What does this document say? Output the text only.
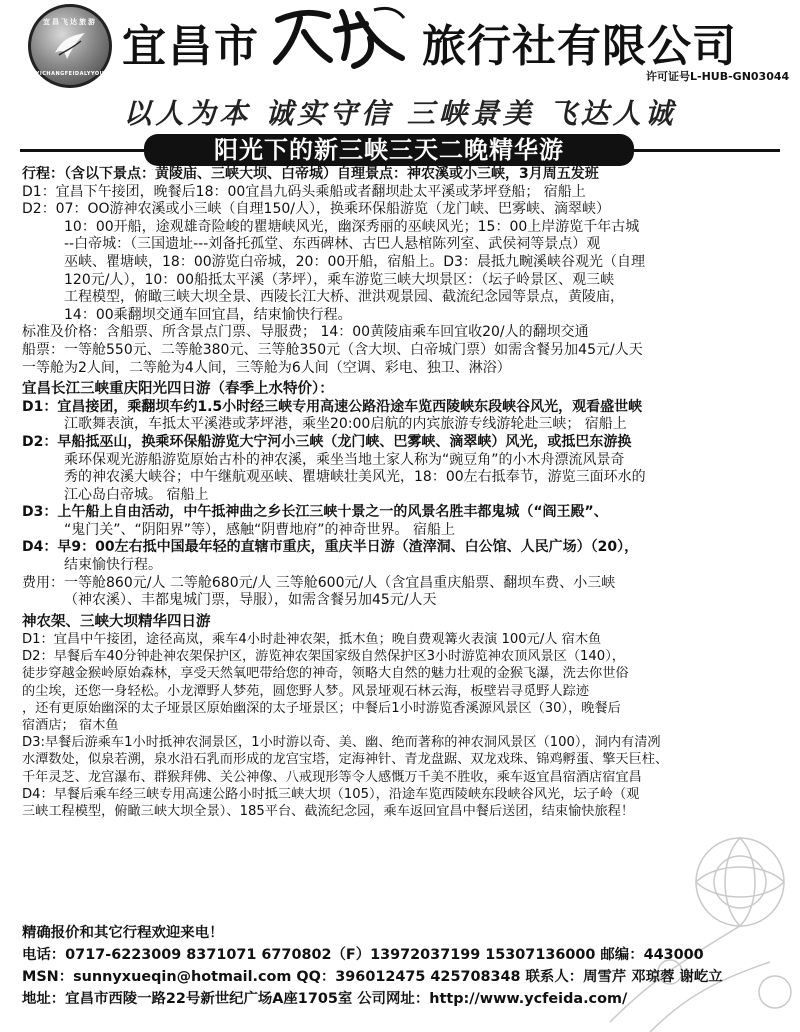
宜昌飞达旅游
YICHANGFEIDALYYOU
宜昌市	旅行社有限公司
许可证号L-HUB-GN03044
以人为本 诚实守信 三峡景美 飞达人诚
阳光下的新三峡三天二晚精华游

行程：（含以下景点：黄陵庙、三峡大坝、白帝城）自理景点：神农溪或小三峡，3月周五发班

D1：宜昌下午接团，晚餐后18：00宜昌九码头乘船或者翻坝赴太平溪或茅坪登船； 宿船上

D2：07：OO游神农溪或小三峡（自理150/人），换乘环保船游览（龙门峡、巴雾峡、滴翠峡）

10：00开船，途观雄奇险峻的瞿塘峡风光，幽深秀丽的巫峡风光；15：00上岸游览千年古城

--白帝城：（三国遗址---刘备托孤堂、东西碑林、古巴人悬棺陈列室、武侯祠等景点）观

巫峡、瞿塘峡，18：00游览白帝城，20：00开船，宿船上。D3：晨抵九畹溪峡谷观光（自理

120元/人），10：00船抵太平溪（茅坪），乘车游览三峡大坝景区：（坛子岭景区、观三峡

工程模型，俯瞰三峡大坝全景、西陵长江大桥、泄洪观景园、截流纪念园等景点，黄陵庙，

14：00乘翻坝交通车回宜昌，结束愉快行程。

标准及价格：含船票、所含景点门票、导服费； 14：00黄陵庙乘车回宜收20/人的翻坝交通

船票：一等舱550元、二等舱380元、三等舱350元（含大坝、白帝城门票）如需含餐另加45元/人天

一等舱为2人间，二等舱为4人间，三等舱为6人间（空调、彩电、独卫、淋浴）

宜昌长江三峡重庆阳光四日游（春季上水特价）：

D1：宜昌接团，乘翻坝车约1.5小时经三峡专用高速公路沿途车览西陵峡东段峡谷风光，观看盛世峡

江歌舞表演，车抵太平溪港或茅坪港，乘坐20:00启航的内宾旅游专线游轮赴三峡； 宿船上

D2：早船抵巫山，换乘环保船游览大宁河小三峡（龙门峡、巴雾峡、滴翠峡）风光，或抵巴东游换

乘环保观光游船游览原始古朴的神农溪，乘坐当地土家人称为“豌豆角”的小木舟漂流风景奇

秀的神农溪大峡谷；中午继航观巫峡、瞿塘峡壮美风光，18：00左右抵奉节，游览三面环水的

江心岛白帝城。 宿船上

D3：上午船上自由活动，中午抵神曲之乡长江三峡十景之一的风景名胜丰都鬼城（“阎王殿”、

“鬼门关”、“阴阳界”等），感触“阴曹地府”的神奇世界。 宿船上

D4：早9：00左右抵中国最年轻的直辖市重庆，重庆半日游（渣滓洞、白公馆、人民广场）（20），

结束愉快行程。

费用：一等舱860元/人 二等舱680元/人 三等舱600元/人（含宜昌重庆船票、翻坝车费、小三峡

（神农溪）、丰都鬼城门票，导服），如需含餐另加45元/人天

神农架、三峡大坝精华四日游

D1：宜昌中午接团，途径高岚，乘车4小时赴神农架，抵木鱼；晚自费观篝火表演 100元/人 宿木鱼

D2：早餐后车40分钟赴神农架保护区，游览神农架国家级自然保护区3小时游览神农顶风景区（140），

徒步穿越金猴岭原始森林，享受天然氧吧带给您的神奇，领略大自然的魅力壮观的金猴飞瀑，洗去你世俗

的尘埃，还您一身轻松。小龙潭野人梦苑，圆您野人梦。风景垭观石林云海，板壁岩寻觅野人踪迹

，还有更原始幽深的太子垭景区原始幽深的太子垭景区；中餐后1小时游览香溪源风景区（30），晚餐后

宿酒店； 宿木鱼

D3:早餐后游乘车1小时抵神农洞景区，1小时游以奇、美、幽、绝而著称的神农洞风景区（100），洞内有清冽

水潭数处，似泉若溯，泉水沿石乳而形成的龙宫宝塔，定海神针、青龙盘踞、双龙戏珠、锦鸡孵蛋、擎天巨柱、

千年灵芝、龙宫瀑布、群猴拜佛、关公神像、八戒现形等令人感慨万千美不胜收，乘车返宜昌宿酒店宿宜昌

D4：早餐后乘车经三峡专用高速公路小时抵三峡大坝（105），沿途车览西陵峡东段峡谷风光，坛子岭（观

三峡工程模型，俯瞰三峡大坝全景）、185平台、截流纪念园，乘车返回宜昌中餐后送团，结束愉快旅程！

精确报价和其它行程欢迎来电！
电话：0717-6223009 8371071 6770802（F）13972037199 15307136000 邮编：443000
MSN：sunnyxueqin@hotmail.com QQ：396012475 425708348 联系人：周雪芹 邓琼蓉 谢屹立
地址：宜昌市西陵一路22号新世纪广场A座1705室 公司网址：http://www.ycfeida.com/
